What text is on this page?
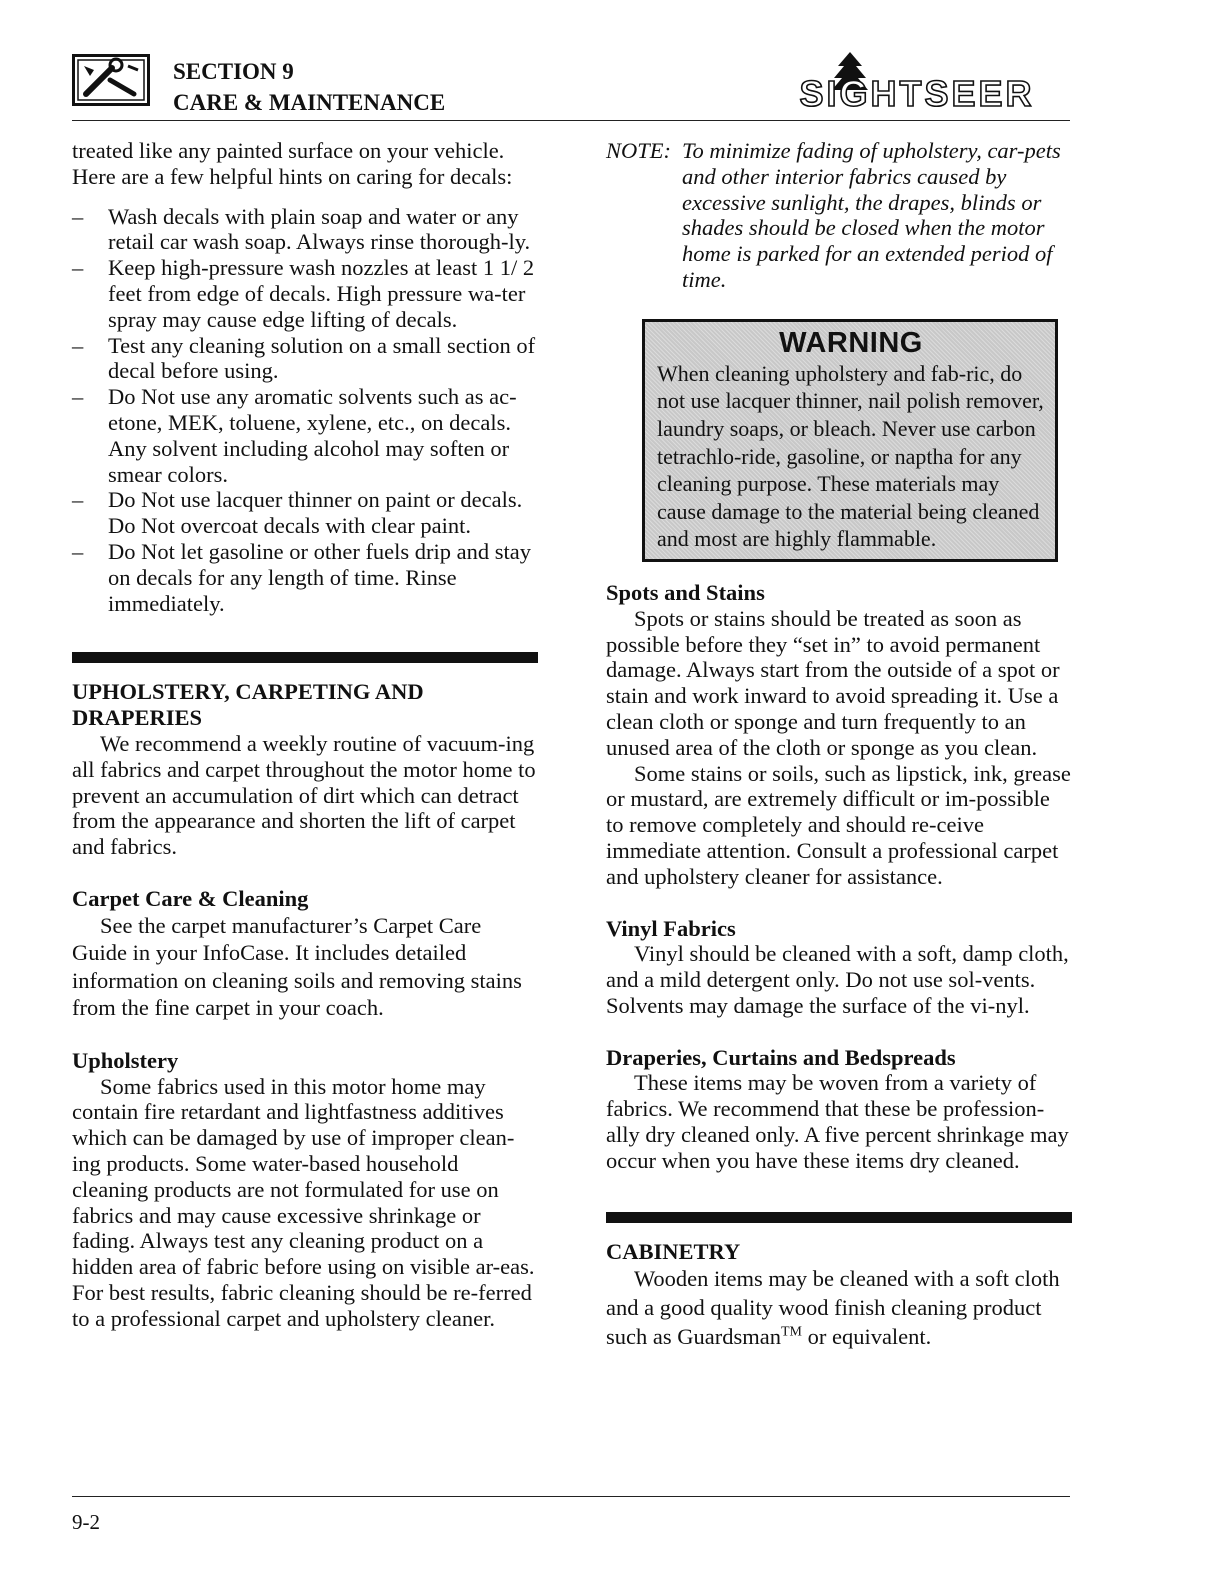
SECTION 9
CARE & MAINTENANCE	SIGHTSEER

treated like any painted surface on your vehicle. Here are a few helpful hints on caring for decals:

– Wash decals with plain soap and water or any retail car wash soap. Always rinse thorough-ly.
– Keep high-pressure wash nozzles at least 1 1/ 2 feet from edge of decals. High pressure wa-ter spray may cause edge lifting of decals.
– Test any cleaning solution on a small section of decal before using.
– Do Not use any aromatic solvents such as ac-etone, MEK, toluene, xylene, etc., on decals. Any solvent including alcohol may soften or smear colors.
– Do Not use lacquer thinner on paint or decals. Do Not overcoat decals with clear paint.
– Do Not let gasoline or other fuels drip and stay on decals for any length of time. Rinse immediately.
UPHOLSTERY, CARPETING AND DRAPERIES

We recommend a weekly routine of vacuum-ing all fabrics and carpet throughout the motor home to prevent an accumulation of dirt which can detract from the appearance and shorten the lift of carpet and fabrics.

Carpet Care & Cleaning

See the carpet manufacturer’s Carpet Care Guide in your InfoCase. It includes detailed information on cleaning soils and removing stains from the fine carpet in your coach.

Upholstery

Some fabrics used in this motor home may contain fire retardant and lightfastness additives which can be damaged by use of improper clean-ing products. Some water-based household cleaning products are not formulated for use on fabrics and may cause excessive shrinkage or fading. Always test any cleaning product on a hidden area of fabric before using on visible ar-eas. For best results, fabric cleaning should be re-ferred to a professional carpet and upholstery cleaner.

NOTE: To minimize fading of upholstery, car-pets and other interior fabrics caused by excessive sunlight, the drapes, blinds or shades should be closed when the motor home is parked for an extended period of time.
WARNING
When cleaning upholstery and fab-ric, do not use lacquer thinner, nail polish remover, laundry soaps, or bleach. Never use carbon tetrachlo-ride, gasoline, or naptha for any cleaning purpose. These materials may cause damage to the material being cleaned and most are highly flammable.
Spots and Stains

Spots or stains should be treated as soon as possible before they “set in” to avoid permanent damage. Always start from the outside of a spot or stain and work inward to avoid spreading it. Use a clean cloth or sponge and turn frequently to an unused area of the cloth or sponge as you clean.

Some stains or soils, such as lipstick, ink, grease or mustard, are extremely difficult or im-possible to remove completely and should re-ceive immediate attention. Consult a professional carpet and upholstery cleaner for assistance.

Vinyl Fabrics

Vinyl should be cleaned with a soft, damp cloth, and a mild detergent only. Do not use sol-vents. Solvents may damage the surface of the vi-nyl.

Draperies, Curtains and Bedspreads

These items may be woven from a variety of fabrics. We recommend that these be profession-ally dry cleaned only. A five percent shrinkage may occur when you have these items dry cleaned.

CABINETRY

Wooden items may be cleaned with a soft cloth and a good quality wood finish cleaning product such as Guardsman™ or equivalent.

9-2
